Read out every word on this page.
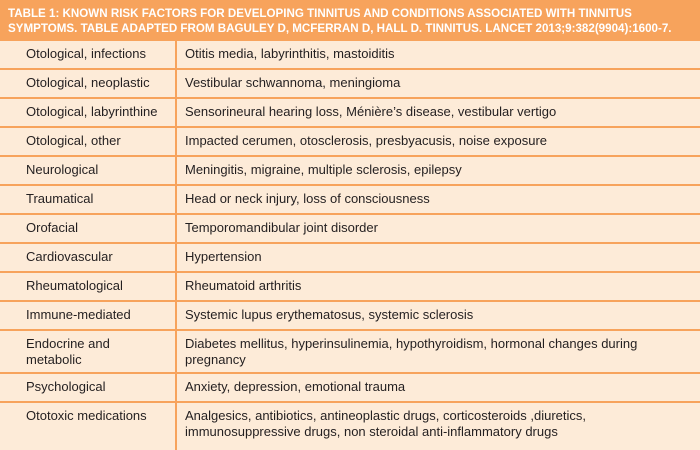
TABLE 1: KNOWN RISK FACTORS FOR DEVELOPING TINNITUS AND CONDITIONS ASSOCIATED WITH TINNITUS SYMPTOMS. TABLE ADAPTED FROM BAGULEY D, MCFERRAN D, HALL D. TINNITUS. LANCET 2013;9:382(9904):1600-7.
Otological, infections	Otitis media, labyrinthitis, mastoiditis
Otological, neoplastic	Vestibular schwannoma, meningioma
Otological, labyrinthine	Sensorineural hearing loss, Ménière’s disease, vestibular vertigo
Otological, other	Impacted cerumen, otosclerosis, presbyacusis, noise exposure
Neurological	Meningitis, migraine, multiple sclerosis, epilepsy
Traumatical	Head or neck injury, loss of consciousness
Orofacial	Temporomandibular joint disorder
Cardiovascular	Hypertension
Rheumatological	Rheumatoid arthritis
Immune-mediated	Systemic lupus erythematosus, systemic sclerosis
Endocrine and metabolic	Diabetes mellitus, hyperinsulinemia, hypothyroidism, hormonal changes during pregnancy
Psychological	Anxiety, depression, emotional trauma
Ototoxic medications	Analgesics, antibiotics, antineoplastic drugs, corticosteroids ,diuretics, immunosuppressive drugs, non steroidal anti-inflammatory drugs
